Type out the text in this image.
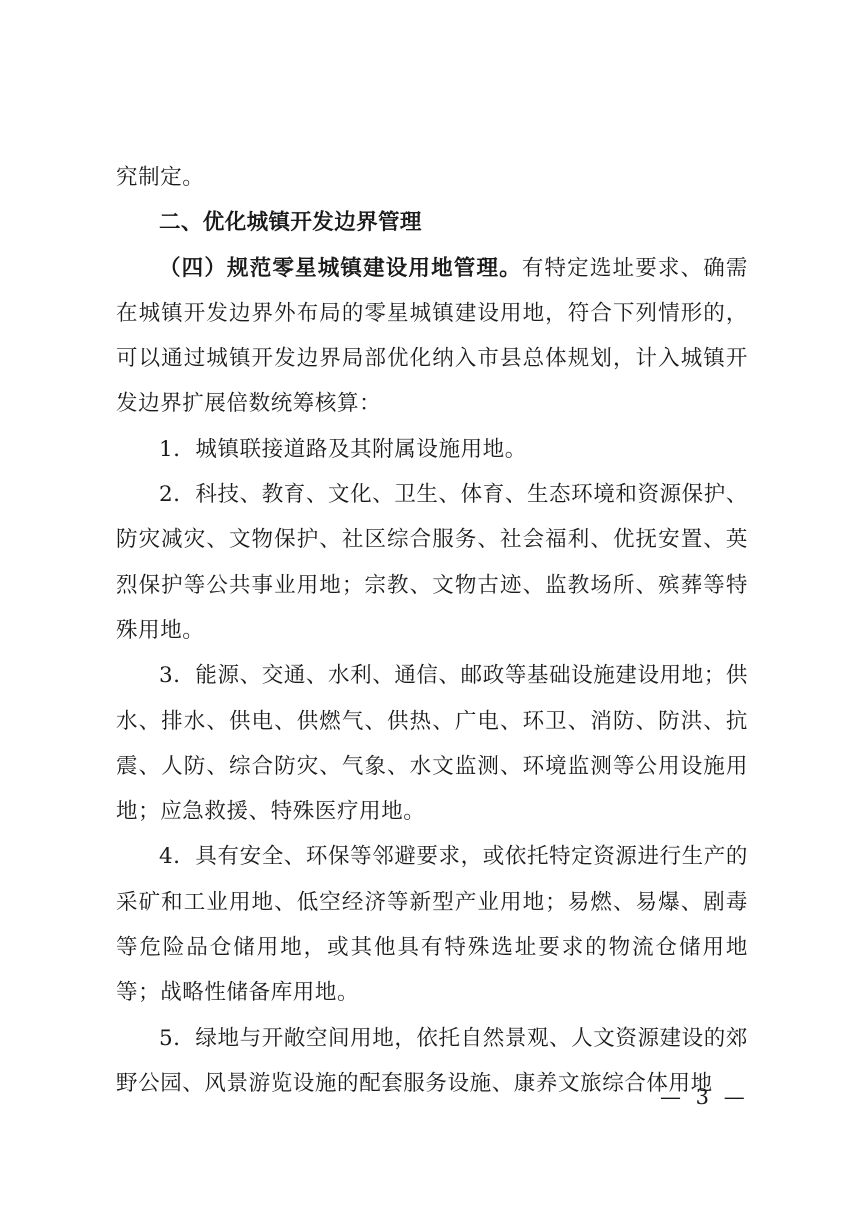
究制定。

二、优化城镇开发边界管理

（四）规范零星城镇建设用地管理。有特定选址要求、确需在城镇开发边界外布局的零星城镇建设用地，符合下列情形的，可以通过城镇开发边界局部优化纳入市县总体规划，计入城镇开发边界扩展倍数统筹核算：

1．城镇联接道路及其附属设施用地。

2．科技、教育、文化、卫生、体育、生态环境和资源保护、防灾减灾、文物保护、社区综合服务、社会福利、优抚安置、英烈保护等公共事业用地；宗教、文物古迹、监教场所、殡葬等特殊用地。

3．能源、交通、水利、通信、邮政等基础设施建设用地；供水、排水、供电、供燃气、供热、广电、环卫、消防、防洪、抗震、人防、综合防灾、气象、水文监测、环境监测等公用设施用地；应急救援、特殊医疗用地。

4．具有安全、环保等邻避要求，或依托特定资源进行生产的采矿和工业用地、低空经济等新型产业用地；易燃、易爆、剧毒等危险品仓储用地，或其他具有特殊选址要求的物流仓储用地等；战略性储备库用地。

5．绿地与开敞空间用地，依托自然景观、人文资源建设的郊野公园、风景游览设施的配套服务设施、康养文旅综合体用地

— 3 —
